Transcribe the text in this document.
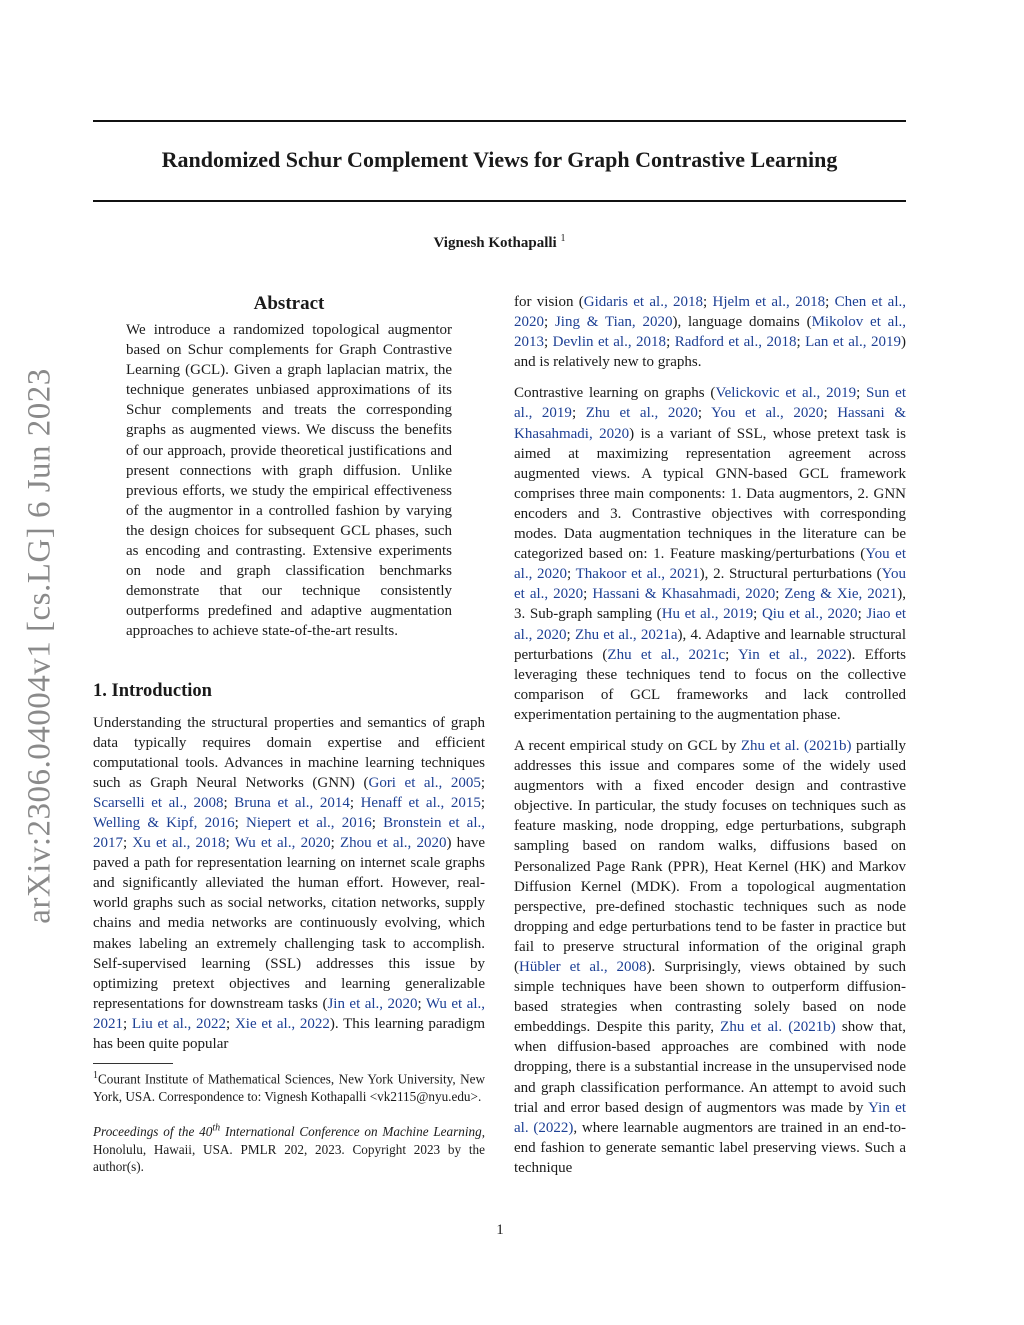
Randomized Schur Complement Views for Graph Contrastive Learning
Vignesh Kothapalli $^1$
arXiv:2306.04004v1 [cs.LG] 6 Jun 2023
Abstract

We introduce a randomized topological augmentor based on Schur complements for Graph Contrastive Learning (GCL). Given a graph laplacian matrix, the technique generates unbiased approximations of its Schur complements and treats the corresponding graphs as augmented views. We discuss the benefits of our approach, provide theoretical justifications and present connections with graph diffusion. Unlike previous efforts, we study the empirical effectiveness of the augmentor in a controlled fashion by varying the design choices for subsequent GCL phases, such as encoding and contrasting. Extensive experiments on node and graph classification benchmarks demonstrate that our technique consistently outperforms predefined and adaptive augmentation approaches to achieve state-of-the-art results.

1. Introduction

Understanding the structural properties and semantics of graph data typically requires domain expertise and efficient computational tools. Advances in machine learning techniques such as Graph Neural Networks (GNN) (Gori et al., 2005; Scarselli et al., 2008; Bruna et al., 2014; Henaff et al., 2015; Welling & Kipf, 2016; Niepert et al., 2016; Bronstein et al., 2017; Xu et al., 2018; Wu et al., 2020; Zhou et al., 2020) have paved a path for representation learning on internet scale graphs and significantly alleviated the human effort. However, real-world graphs such as social networks, citation networks, supply chains and media networks are continuously evolving, which makes labeling an extremely challenging task to accomplish. Self-supervised learning (SSL) addresses this issue by optimizing pretext objectives and learning generalizable representations for downstream tasks (Jin et al., 2020; Wu et al., 2021; Liu et al., 2022; Xie et al., 2022). This learning paradigm has been quite popular

$^1$Courant Institute of Mathematical Sciences, New York University, New York, USA. Correspondence to: Vignesh Kothapalli <vk2115@nyu.edu>.

Proceedings of the 40th International Conference on Machine Learning, Honolulu, Hawaii, USA. PMLR 202, 2023. Copyright 2023 by the author(s).

for vision (Gidaris et al., 2018; Hjelm et al., 2018; Chen et al., 2020; Jing & Tian, 2020), language domains (Mikolov et al., 2013; Devlin et al., 2018; Radford et al., 2018; Lan et al., 2019) and is relatively new to graphs.

Contrastive learning on graphs (Velickovic et al., 2019; Sun et al., 2019; Zhu et al., 2020; You et al., 2020; Hassani & Khasahmadi, 2020) is a variant of SSL, whose pretext task is aimed at maximizing representation agreement across augmented views. A typical GNN-based GCL framework comprises three main components: 1. Data augmentors, 2. GNN encoders and 3. Contrastive objectives with corresponding modes. Data augmentation techniques in the literature can be categorized based on: 1. Feature masking/perturbations (You et al., 2020; Thakoor et al., 2021), 2. Structural perturbations (You et al., 2020; Hassani & Khasahmadi, 2020; Zeng & Xie, 2021), 3. Sub-graph sampling (Hu et al., 2019; Qiu et al., 2020; Jiao et al., 2020; Zhu et al., 2021a), 4. Adaptive and learnable structural perturbations (Zhu et al., 2021c; Yin et al., 2022). Efforts leveraging these techniques tend to focus on the collective comparison of GCL frameworks and lack controlled experimentation pertaining to the augmentation phase.

A recent empirical study on GCL by Zhu et al. (2021b) partially addresses this issue and compares some of the widely used augmentors with a fixed encoder design and contrastive objective. In particular, the study focuses on techniques such as feature masking, node dropping, edge perturbations, subgraph sampling based on random walks, diffusions based on Personalized Page Rank (PPR), Heat Kernel (HK) and Markov Diffusion Kernel (MDK). From a topological augmentation perspective, pre-defined stochastic techniques such as node dropping and edge perturbations tend to be faster in practice but fail to preserve structural information of the original graph (Hübler et al., 2008). Surprisingly, views obtained by such simple techniques have been shown to outperform diffusion-based strategies when contrasting solely based on node embeddings. Despite this parity, Zhu et al. (2021b) show that, when diffusion-based approaches are combined with node dropping, there is a substantial increase in the unsupervised node and graph classification performance. An attempt to avoid such trial and error based design of augmentors was made by Yin et al. (2022), where learnable augmentors are trained in an end-to-end fashion to generate semantic label preserving views. Such a technique

1
